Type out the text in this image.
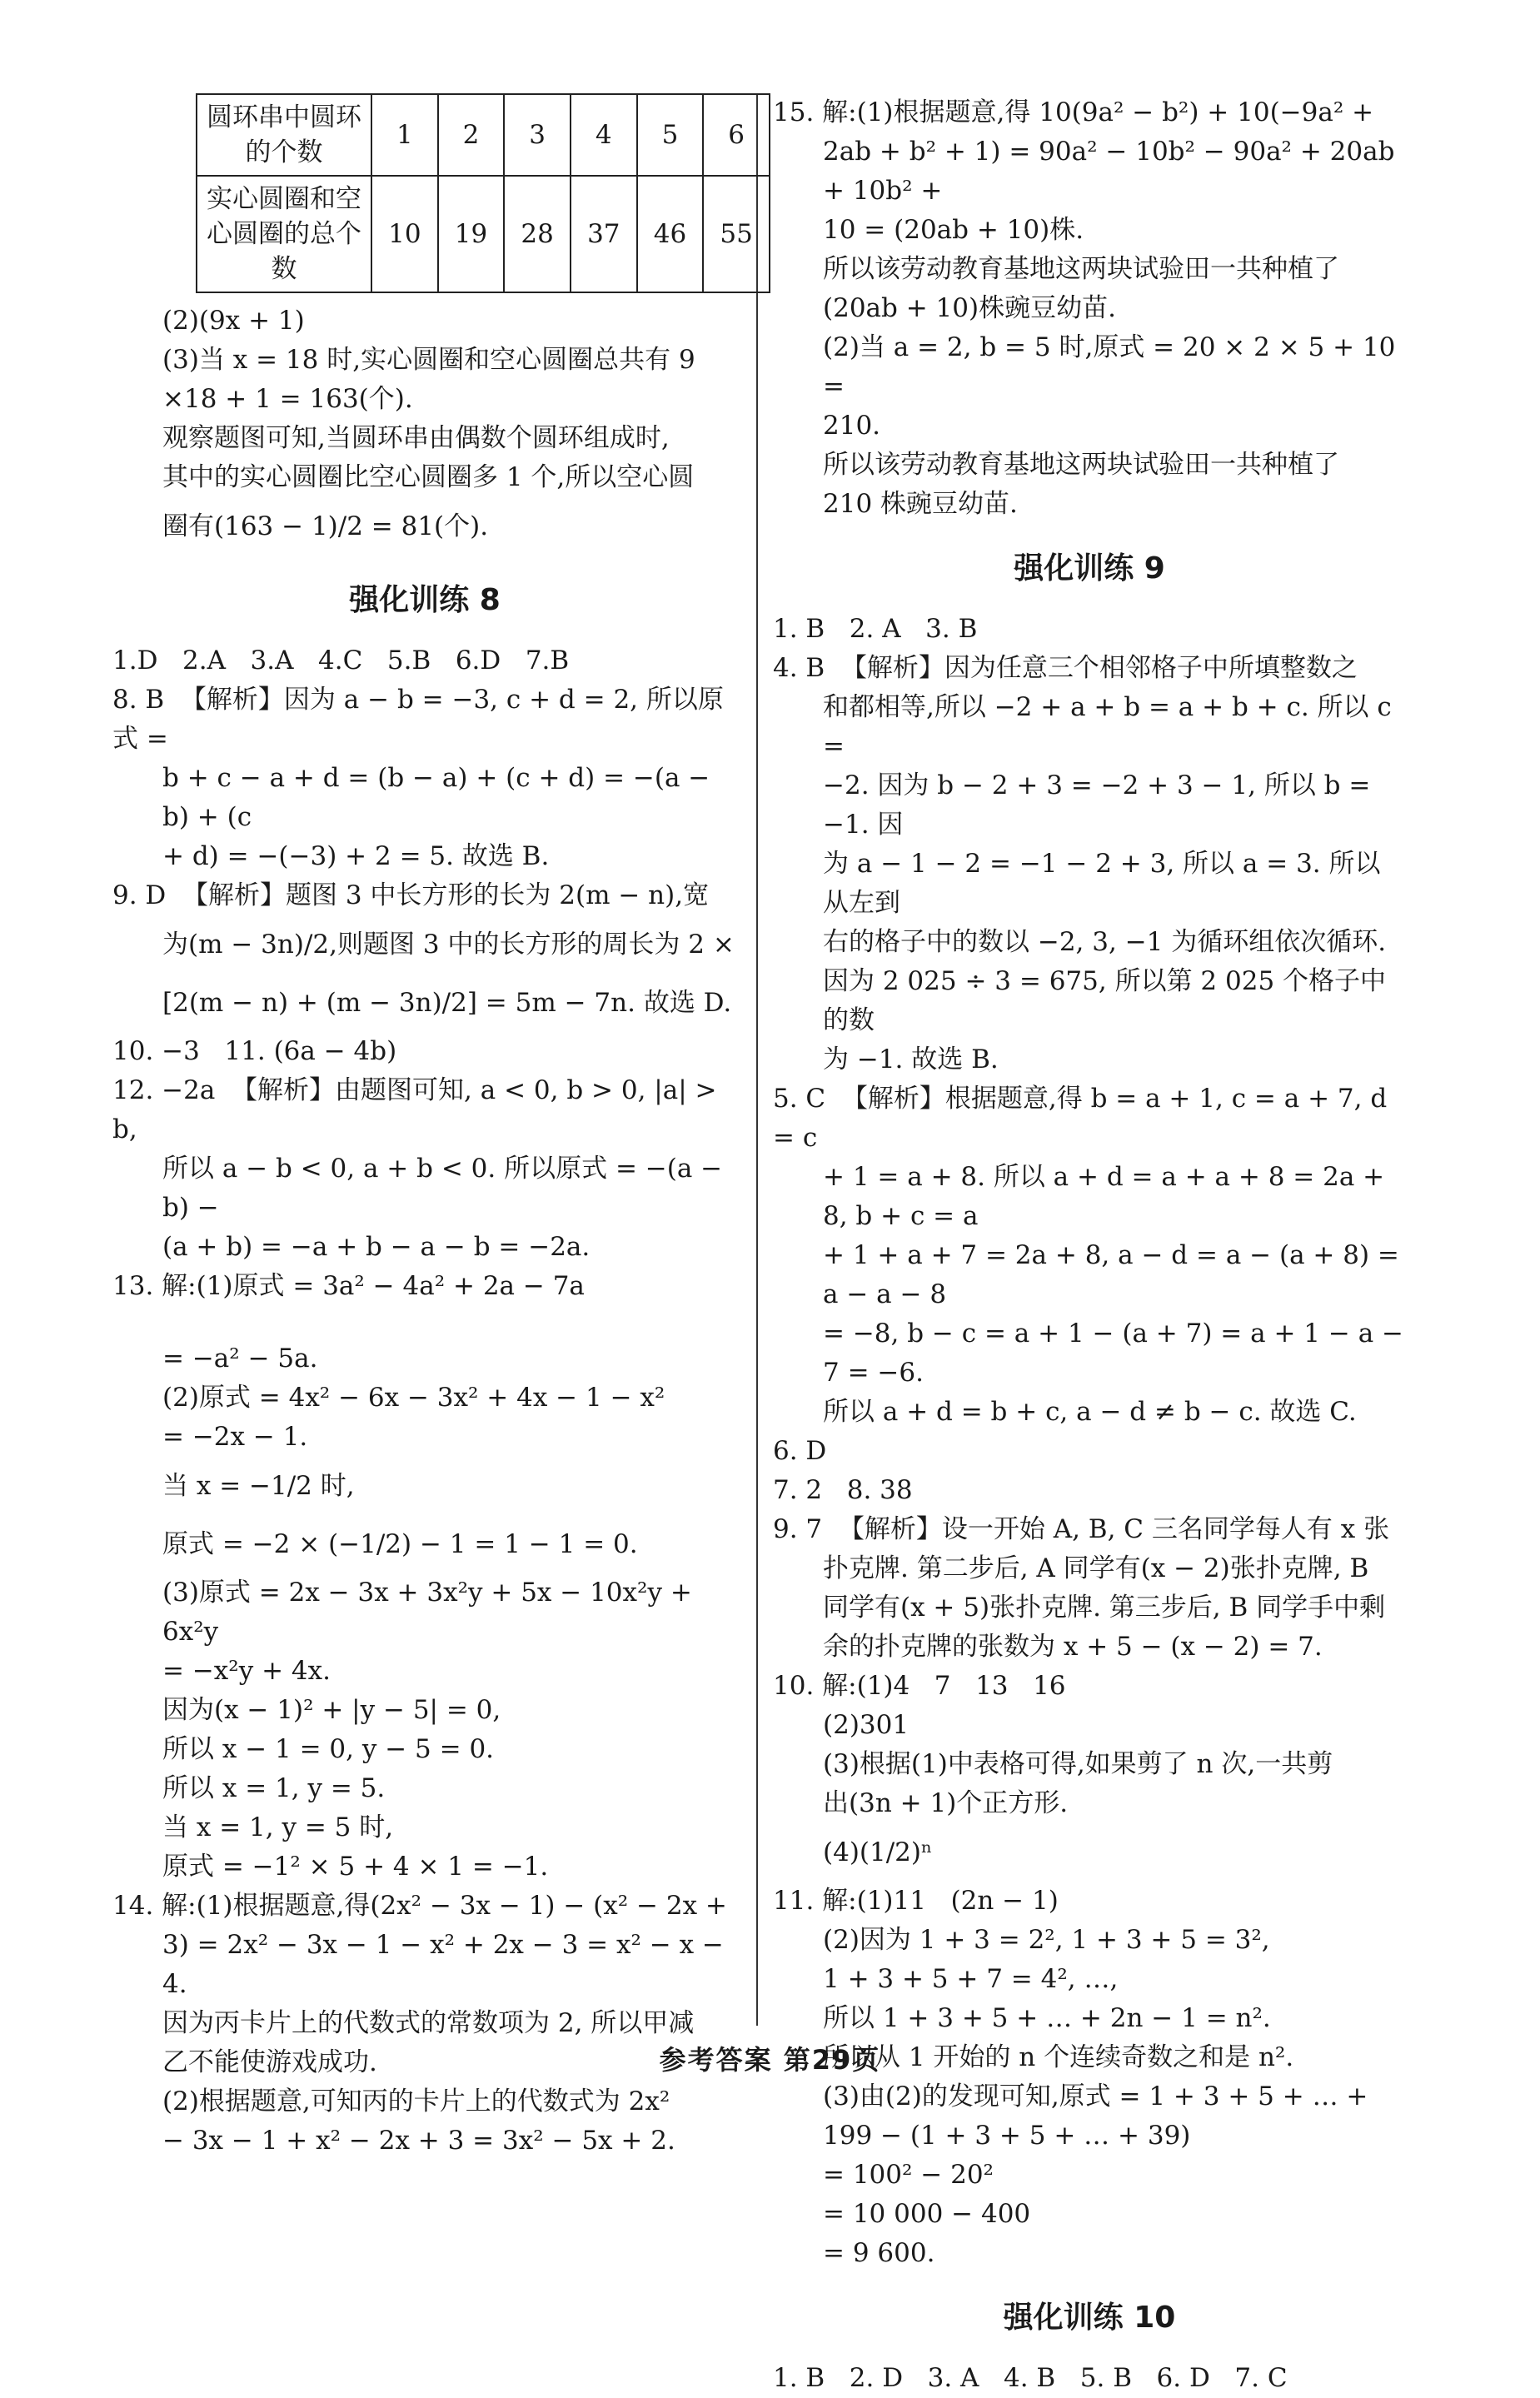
圆环串中圆环的个数	1	2	3	4	5	6
实心圆圈和空心圆圈的总个数	10	19	28	37	46	55
(2)(9x + 1)
(3)当 x = 18 时,实心圆圈和空心圆圈总共有 9
×18 + 1 = 163(个).
观察题图可知,当圆环串由偶数个圆环组成时,
其中的实心圆圈比空心圆圈多 1 个,所以空心圆
圈有(163 − 1)/2 = 81(个).
强化训练 8
1.D   2.A   3.A   4.C   5.B   6.D   7.B
8. B  【解析】因为 a − b = −3, c + d = 2, 所以原式 =
b + c − a + d = (b − a) + (c + d) = −(a − b) + (c
+ d) = −(−3) + 2 = 5. 故选 B.
9. D  【解析】题图 3 中长方形的长为 2(m − n),宽
为(m − 3n)/2,则题图 3 中的长方形的周长为 2 ×
[2(m − n) + (m − 3n)/2] = 5m − 7n. 故选 D.
10. −3   11. (6a − 4b)
12. −2a  【解析】由题图可知, a < 0, b > 0, |a| > b,
所以 a − b < 0, a + b < 0. 所以原式 = −(a − b) −
(a + b) = −a + b − a − b = −2a.
13. 解:(1)原式 = 3a² − 4a² + 2a − 7a
= −a² − 5a.
(2)原式 = 4x² − 6x − 3x² + 4x − 1 − x²
= −2x − 1.
当 x = −1/2 时,
原式 = −2 × (−1/2) − 1 = 1 − 1 = 0.
(3)原式 = 2x − 3x + 3x²y + 5x − 10x²y + 6x²y
= −x²y + 4x.
因为(x − 1)² + |y − 5| = 0,
所以 x − 1 = 0, y − 5 = 0.
所以 x = 1, y = 5.
当 x = 1, y = 5 时,
原式 = −1² × 5 + 4 × 1 = −1.
14. 解:(1)根据题意,得(2x² − 3x − 1) − (x² − 2x +
3) = 2x² − 3x − 1 − x² + 2x − 3 = x² − x − 4.
因为丙卡片上的代数式的常数项为 2, 所以甲减
乙不能使游戏成功.
(2)根据题意,可知丙的卡片上的代数式为 2x²
− 3x − 1 + x² − 2x + 3 = 3x² − 5x + 2.
15. 解:(1)根据题意,得 10(9a² − b²) + 10(−9a² +
2ab + b² + 1) = 90a² − 10b² − 90a² + 20ab + 10b² +
10 = (20ab + 10)株.
所以该劳动教育基地这两块试验田一共种植了
(20ab + 10)株豌豆幼苗.
(2)当 a = 2, b = 5 时,原式 = 20 × 2 × 5 + 10 =
210.
所以该劳动教育基地这两块试验田一共种植了
210 株豌豆幼苗.
强化训练 9
1. B   2. A   3. B
4. B  【解析】因为任意三个相邻格子中所填整数之
和都相等,所以 −2 + a + b = a + b + c. 所以 c =
−2. 因为 b − 2 + 3 = −2 + 3 − 1, 所以 b = −1. 因
为 a − 1 − 2 = −1 − 2 + 3, 所以 a = 3. 所以从左到
右的格子中的数以 −2, 3, −1 为循环组依次循环.
因为 2 025 ÷ 3 = 675, 所以第 2 025 个格子中的数
为 −1. 故选 B.
5. C  【解析】根据题意,得 b = a + 1, c = a + 7, d = c
+ 1 = a + 8. 所以 a + d = a + a + 8 = 2a + 8, b + c = a
+ 1 + a + 7 = 2a + 8, a − d = a − (a + 8) = a − a − 8
= −8, b − c = a + 1 − (a + 7) = a + 1 − a − 7 = −6.
所以 a + d = b + c, a − d ≠ b − c. 故选 C.
6. D
7. 2   8. 38
9. 7  【解析】设一开始 A, B, C 三名同学每人有 x 张
扑克牌. 第二步后, A 同学有(x − 2)张扑克牌, B
同学有(x + 5)张扑克牌. 第三步后, B 同学手中剩
余的扑克牌的张数为 x + 5 − (x − 2) = 7.
10. 解:(1)4   7   13   16
(2)301
(3)根据(1)中表格可得,如果剪了 n 次,一共剪
出(3n + 1)个正方形.
(4)(1/2)ⁿ
11. 解:(1)11   (2n − 1)
(2)因为 1 + 3 = 2², 1 + 3 + 5 = 3²,
1 + 3 + 5 + 7 = 4², …,
所以 1 + 3 + 5 + … + 2n − 1 = n².
所以从 1 开始的 n 个连续奇数之和是 n².
(3)由(2)的发现可知,原式 = 1 + 3 + 5 + … +
199 − (1 + 3 + 5 + … + 39)
= 100² − 20²
= 10 000 − 400
= 9 600.
强化训练 10
1. B   2. D   3. A   4. B   5. B   6. D   7. C
参考答案 第29页
